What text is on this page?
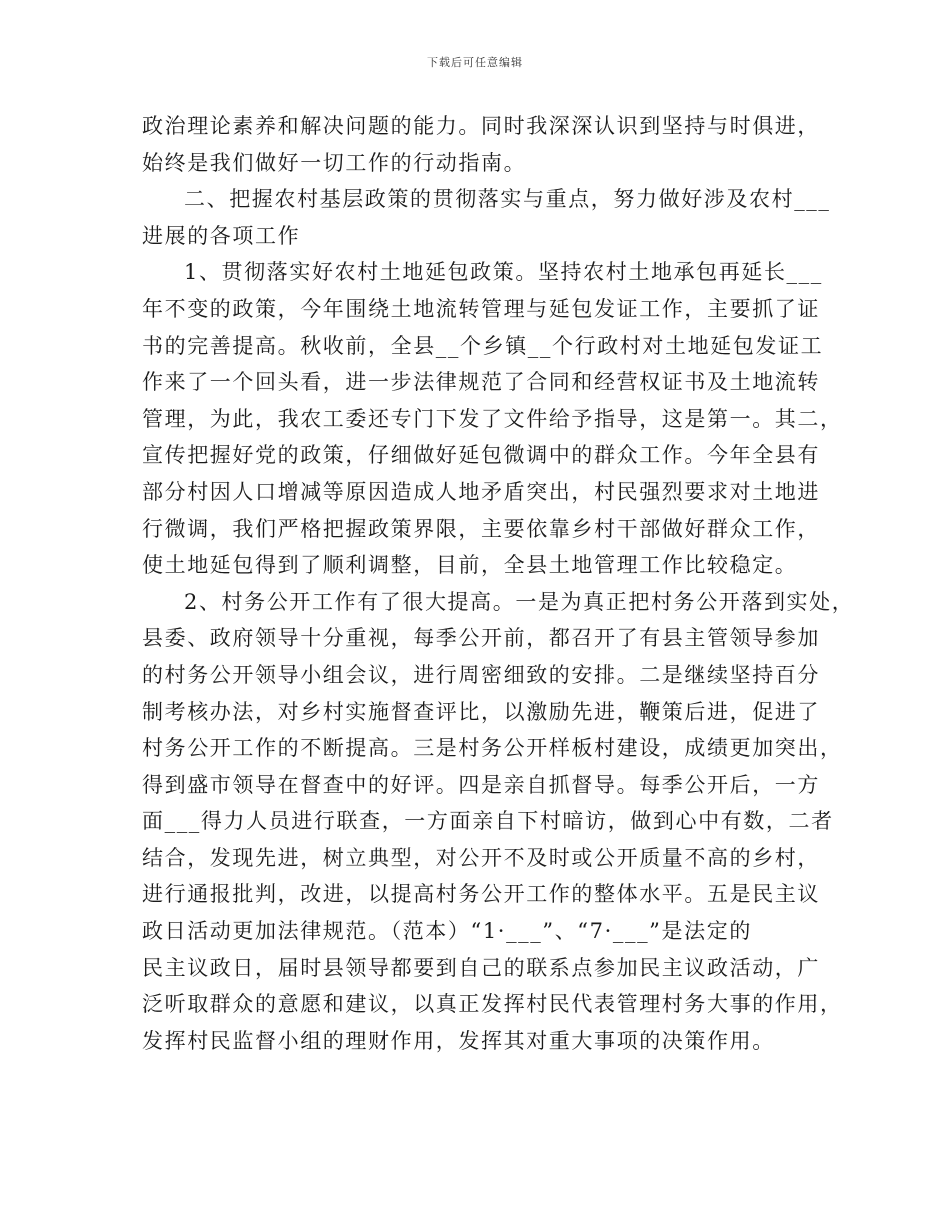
下载后可任意编辑
政治理论素养和解决问题的能力。同时我深深认识到坚持与时俱进，
始终是我们做好一切工作的行动指南。
二、把握农村基层政策的贯彻落实与重点，努力做好涉及农村___
进展的各项工作
1、贯彻落实好农村土地延包政策。坚持农村土地承包再延长___
年不变的政策，今年围绕土地流转管理与延包发证工作，主要抓了证
书的完善提高。秋收前，全县__个乡镇__个行政村对土地延包发证工
作来了一个回头看，进一步法律规范了合同和经营权证书及土地流转
管理，为此，我农工委还专门下发了文件给予指导，这是第一。其二，
宣传把握好党的政策，仔细做好延包微调中的群众工作。今年全县有
部分村因人口增减等原因造成人地矛盾突出，村民强烈要求对土地进
行微调，我们严格把握政策界限，主要依靠乡村干部做好群众工作，
使土地延包得到了顺利调整，目前，全县土地管理工作比较稳定。
2、村务公开工作有了很大提高。一是为真正把村务公开落到实处，
县委、政府领导十分重视，每季公开前，都召开了有县主管领导参加
的村务公开领导小组会议，进行周密细致的安排。二是继续坚持百分
制考核办法，对乡村实施督查评比，以激励先进，鞭策后进，促进了
村务公开工作的不断提高。三是村务公开样板村建设，成绩更加突出，
得到盛市领导在督查中的好评。四是亲自抓督导。每季公开后，一方
面___得力人员进行联查，一方面亲自下村暗访，做到心中有数，二者
结合，发现先进，树立典型，对公开不及时或公开质量不高的乡村，
进行通报批判，改进，以提高村务公开工作的整体水平。五是民主议
政日活动更加法律规范。（范本）“1·___”、“7·___”是法定的
民主议政日，届时县领导都要到自己的联系点参加民主议政活动，广
泛听取群众的意愿和建议，以真正发挥村民代表管理村务大事的作用，
发挥村民监督小组的理财作用，发挥其对重大事项的决策作用。
